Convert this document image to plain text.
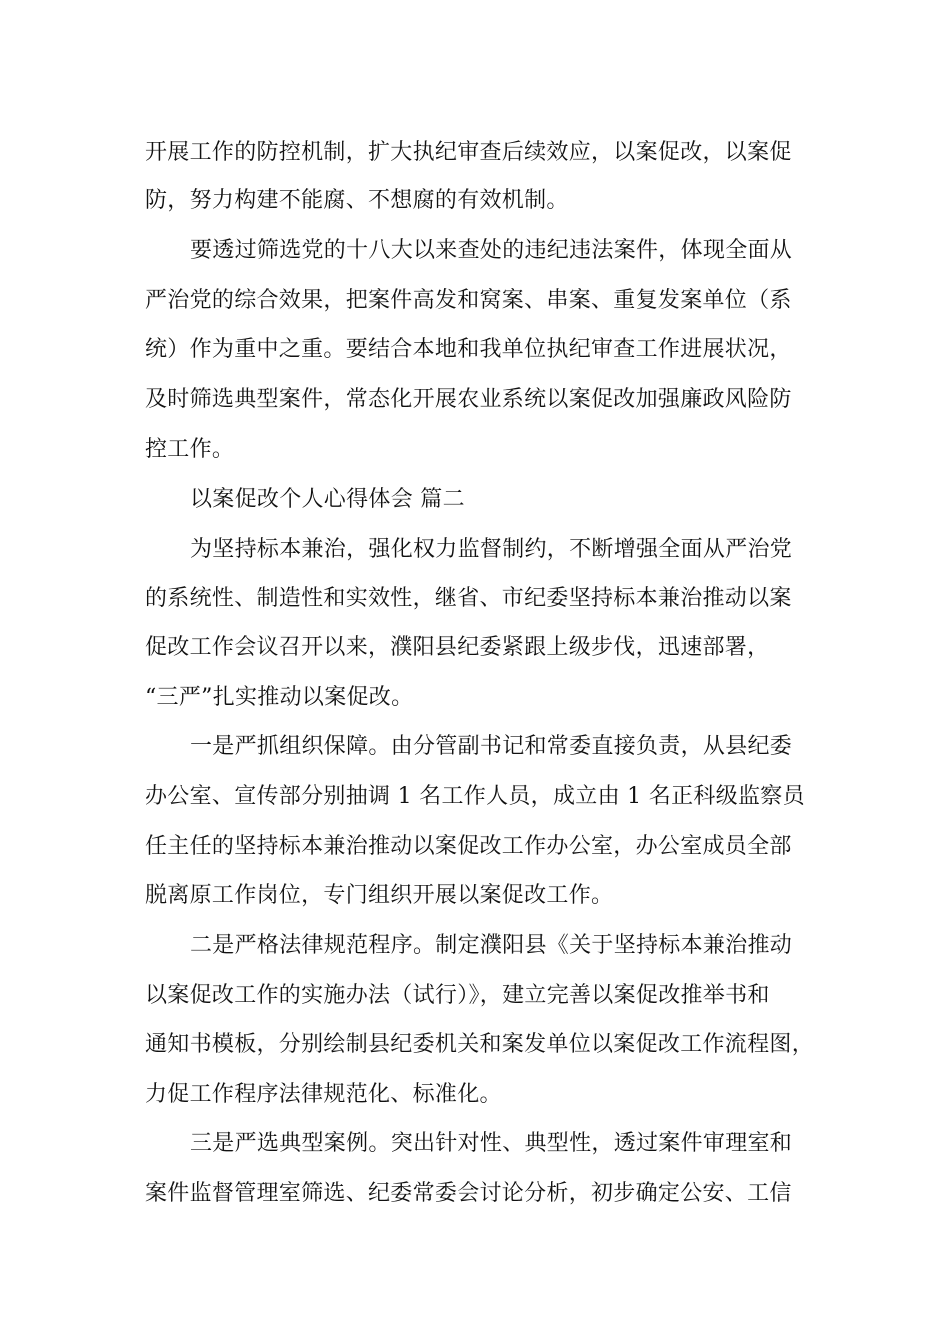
开展工作的防控机制，扩大执纪审查后续效应，以案促改，以案促
防，努力构建不能腐、不想腐的有效机制。
要透过筛选党的十八大以来查处的违纪违法案件，体现全面从
严治党的综合效果，把案件高发和窝案、串案、重复发案单位（系
统）作为重中之重。要结合本地和我单位执纪审查工作进展状况，
及时筛选典型案件，常态化开展农业系统以案促改加强廉政风险防
控工作。
以案促改个人心得体会 篇二
为坚持标本兼治，强化权力监督制约，不断增强全面从严治党
的系统性、制造性和实效性，继省、市纪委坚持标本兼治推动以案
促改工作会议召开以来，濮阳县纪委紧跟上级步伐，迅速部署，
“三严”扎实推动以案促改。
一是严抓组织保障。由分管副书记和常委直接负责，从县纪委
办公室、宣传部分别抽调 1 名工作人员，成立由 1 名正科级监察员
任主任的坚持标本兼治推动以案促改工作办公室，办公室成员全部
脱离原工作岗位，专门组织开展以案促改工作。
二是严格法律规范程序。制定濮阳县《关于坚持标本兼治推动
以案促改工作的实施办法（试行）》，建立完善以案促改推举书和
通知书模板，分别绘制县纪委机关和案发单位以案促改工作流程图，
力促工作程序法律规范化、标准化。
三是严选典型案例。突出针对性、典型性，透过案件审理室和
案件监督管理室筛选、纪委常委会讨论分析，初步确定公安、工信
